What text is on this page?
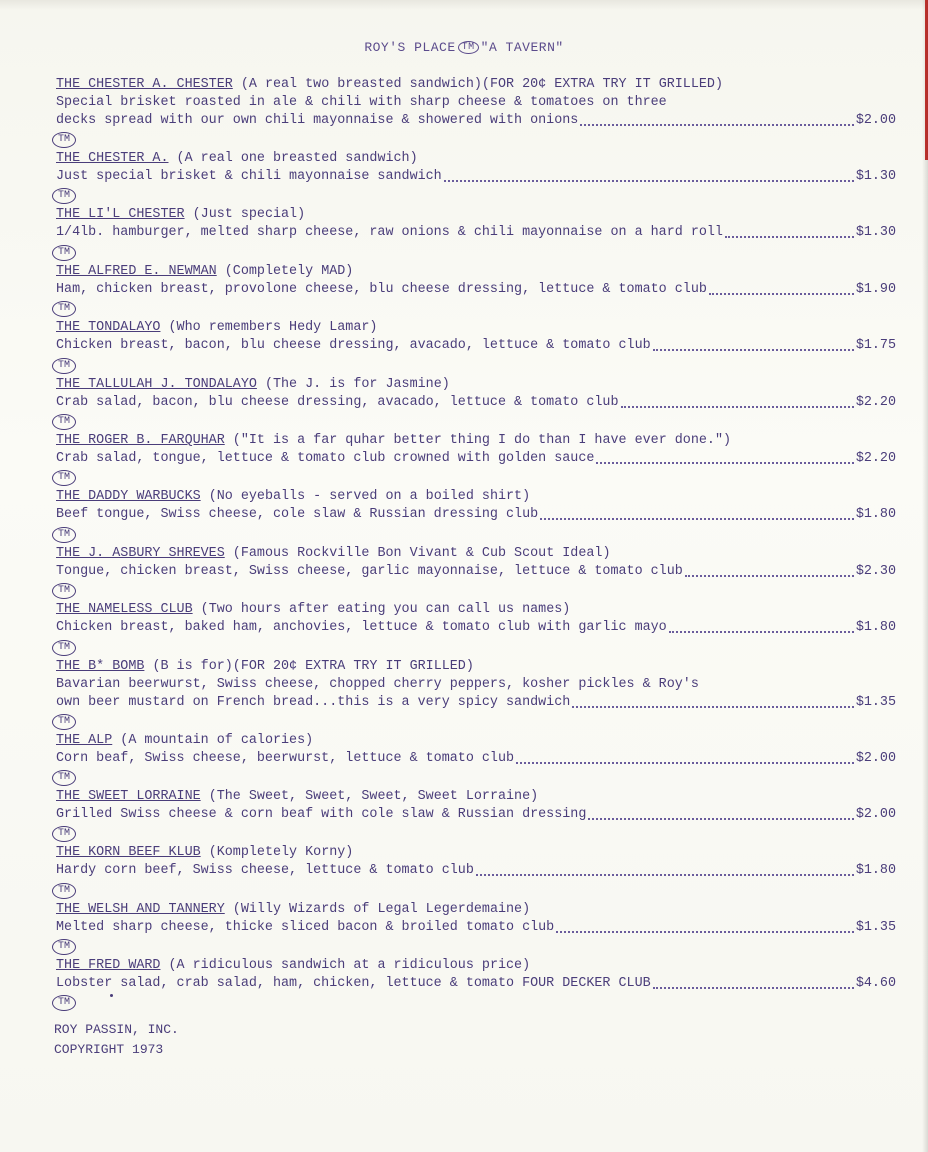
ROY'S PLACE TM "A TAVERN"
THE CHESTER A. CHESTER (A real two breasted sandwich)(FOR 20¢ EXTRA TRY IT GRILLED)
Special brisket roasted in ale & chili with sharp cheese & tomatoes on three
decks spread with our own chili mayonnaise & showered with onions	$2.00
TM
THE CHESTER A. (A real one breasted sandwich)
Just special brisket & chili mayonnaise sandwich	$1.30
TM
THE LI'L CHESTER (Just special)
1/4lb. hamburger, melted sharp cheese, raw onions & chili mayonnaise on a hard roll	$1.30
TM
THE ALFRED E. NEWMAN (Completely MAD)
Ham, chicken breast, provolone cheese, blu cheese dressing, lettuce & tomato club	$1.90
TM
THE TONDALAYO (Who remembers Hedy Lamar)
Chicken breast, bacon, blu cheese dressing, avacado, lettuce & tomato club	$1.75
TM
THE TALLULAH J. TONDALAYO (The J. is for Jasmine)
Crab salad, bacon, blu cheese dressing, avacado, lettuce & tomato club	$2.20
TM
THE ROGER B. FARQUHAR ("It is a far quhar better thing I do than I have ever done.")
Crab salad, tongue, lettuce & tomato club crowned with golden sauce	$2.20
TM
THE DADDY WARBUCKS (No eyeballs - served on a boiled shirt)
Beef tongue, Swiss cheese, cole slaw & Russian dressing club	$1.80
TM
THE J. ASBURY SHREVES (Famous Rockville Bon Vivant & Cub Scout Ideal)
Tongue, chicken breast, Swiss cheese, garlic mayonnaise, lettuce & tomato club	$2.30
TM
THE NAMELESS CLUB (Two hours after eating you can call us names)
Chicken breast, baked ham, anchovies, lettuce & tomato club with garlic mayo	$1.80
TM
THE B* BOMB (B is for)(FOR 20¢ EXTRA TRY IT GRILLED)
Bavarian beerwurst, Swiss cheese, chopped cherry peppers, kosher pickles & Roy's
own beer mustard on French bread...this is a very spicy sandwich	$1.35
TM
THE ALP (A mountain of calories)
Corn beaf, Swiss cheese, beerwurst, lettuce & tomato club	$2.00
TM
THE SWEET LORRAINE (The Sweet, Sweet, Sweet, Sweet Lorraine)
Grilled Swiss cheese & corn beaf with cole slaw & Russian dressing	$2.00
TM
THE KORN BEEF KLUB (Kompletely Korny)
Hardy corn beef, Swiss cheese, lettuce & tomato club	$1.80
TM
THE WELSH AND TANNERY (Willy Wizards of Legal Legerdemaine)
Melted sharp cheese, thicke sliced bacon & broiled tomato club	$1.35
TM
THE FRED WARD (A ridiculous sandwich at a ridiculous price)
Lobster salad, crab salad, ham, chicken, lettuce & tomato FOUR DECKER CLUB	$4.60
TM
ROY PASSIN, INC.
COPYRIGHT 1973
